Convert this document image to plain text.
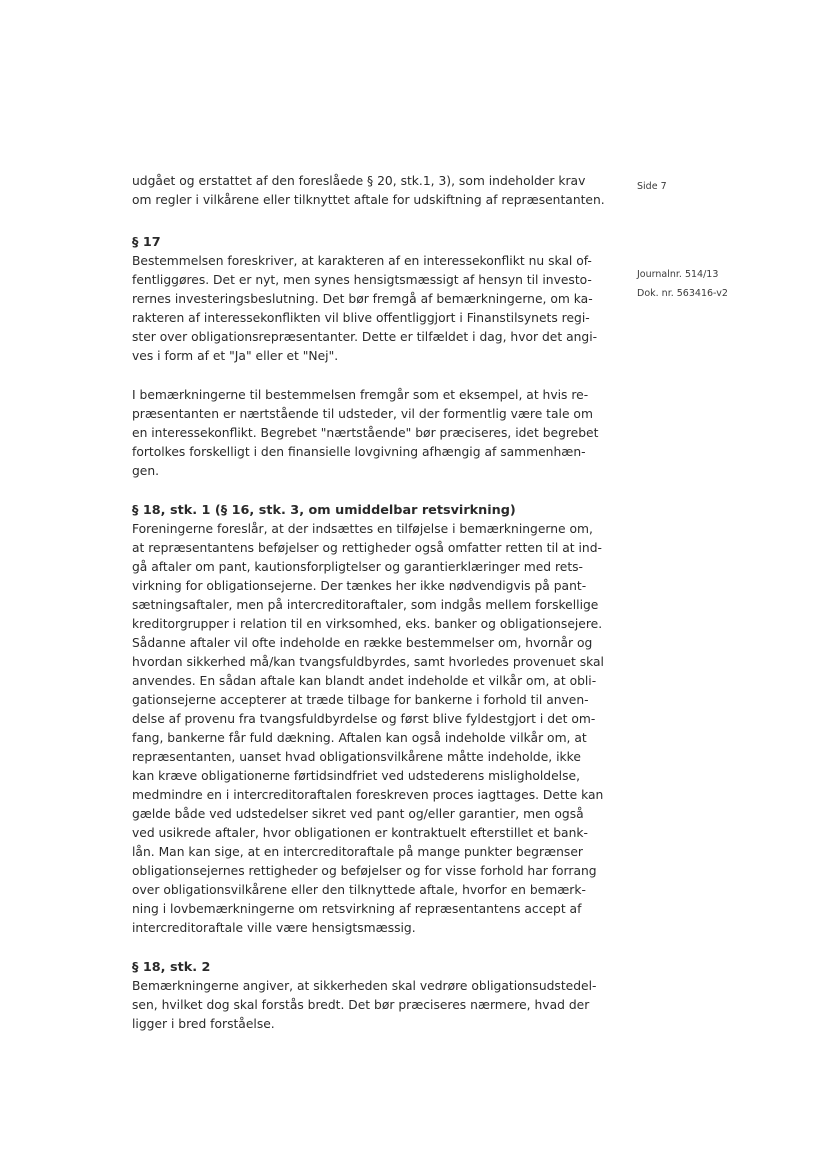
Side 7
Journalnr. 514/13
Dok. nr. 563416-v2
udgået og erstattet af den foreslåede § 20, stk.1, 3), som indeholder krav
om regler i vilkårene eller tilknyttet aftale for udskiftning af repræsentanten.
§ 17
Bestemmelsen foreskriver, at karakteren af en interessekonflikt nu skal of-
fentliggøres. Det er nyt, men synes hensigtsmæssigt af hensyn til investo-
rernes investeringsbeslutning. Det bør fremgå af bemærkningerne, om ka-
rakteren af interessekonflikten vil blive offentliggjort i Finanstilsynets regi-
ster over obligationsrepræsentanter. Dette er tilfældet i dag, hvor det angi-
ves i form af et "Ja" eller et "Nej".
I bemærkningerne til bestemmelsen fremgår som et eksempel, at hvis re-
præsentanten er nærtstående til udsteder, vil der formentlig være tale om
en interessekonflikt. Begrebet "nærtstående" bør præciseres, idet begrebet
fortolkes forskelligt i den finansielle lovgivning afhængig af sammenhæn-
gen.
§ 18, stk. 1 (§ 16, stk. 3, om umiddelbar retsvirkning)
Foreningerne foreslår, at der indsættes en tilføjelse i bemærkningerne om,
at repræsentantens beføjelser og rettigheder også omfatter retten til at ind-
gå aftaler om pant, kautionsforpligtelser og garantierklæringer med rets-
virkning for obligationsejerne. Der tænkes her ikke nødvendigvis på pant-
sætningsaftaler, men på intercreditoraftaler, som indgås mellem forskellige
kreditorgrupper i relation til en virksomhed, eks. banker og obligationsejere.
Sådanne aftaler vil ofte indeholde en række bestemmelser om, hvornår og
hvordan sikkerhed må/kan tvangsfuldbyrdes, samt hvorledes provenuet skal
anvendes. En sådan aftale kan blandt andet indeholde et vilkår om, at obli-
gationsejerne accepterer at træde tilbage for bankerne i forhold til anven-
delse af provenu fra tvangsfuldbyrdelse og først blive fyldestgjort i det om-
fang, bankerne får fuld dækning. Aftalen kan også indeholde vilkår om, at
repræsentanten, uanset hvad obligationsvilkårene måtte indeholde, ikke
kan kræve obligationerne førtidsindfriet ved udstederens misligholdelse,
medmindre en i intercreditoraftalen foreskreven proces iagttages. Dette kan
gælde både ved udstedelser sikret ved pant og/eller garantier, men også
ved usikrede aftaler, hvor obligationen er kontraktuelt efterstillet et bank-
lån. Man kan sige, at en intercreditoraftale på mange punkter begrænser
obligationsejernes rettigheder og beføjelser og for visse forhold har forrang
over obligationsvilkårene eller den tilknyttede aftale, hvorfor en bemærk-
ning i lovbemærkningerne om retsvirkning af repræsentantens accept af
intercreditoraftale ville være hensigtsmæssig.
§ 18, stk. 2
Bemærkningerne angiver, at sikkerheden skal vedrøre obligationsudstedel-
sen, hvilket dog skal forstås bredt. Det bør præciseres nærmere, hvad der
ligger i bred forståelse.
